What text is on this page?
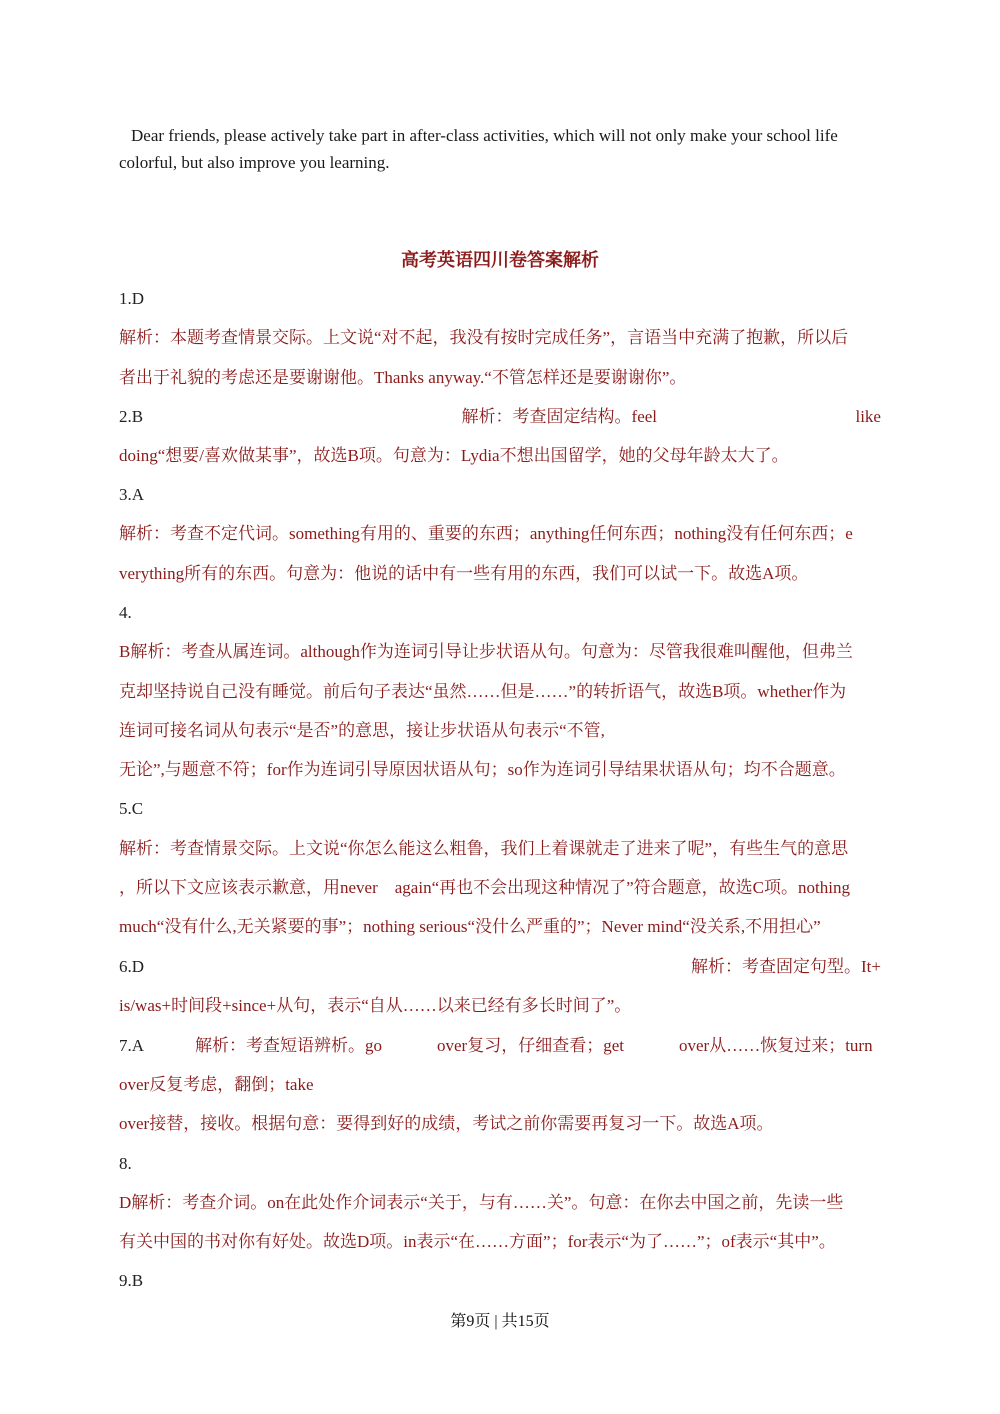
Dear friends, please actively take part in after-class activities, which will not only make your school life colorful, but also improve you learning.
高考英语四川卷答案解析
1.D
解析：本题考查情景交际。上文说“对不起，我没有按时完成任务”，言语当中充满了抱歉，所以后
者出于礼貌的考虑还是要谢谢他。Thanks anyway.“不管怎样还是要谢谢你”。
2.B	解析：考查固定结构。feel	like
doing“想要/喜欢做某事”，故选B项。句意为：Lydia不想出国留学，她的父母年龄太大了。
3.A
解析：考查不定代词。something有用的、重要的东西；anything任何东西；nothing没有任何东西；e
verything所有的东西。句意为：他说的话中有一些有用的东西，我们可以试一下。故选A项。
4.
B解析：考查从属连词。although作为连词引导让步状语从句。句意为：尽管我很难叫醒他，但弗兰
克却坚持说自己没有睡觉。前后句子表达“虽然……但是……”的转折语气，故选B项。whether作为
连词可接名词从句表示“是否”的意思，接让步状语从句表示“不管,
无论”,与题意不符；for作为连词引导原因状语从句；so作为连词引导结果状语从句；均不合题意。
5.C
解析：考查情景交际。上文说“你怎么能这么粗鲁，我们上着课就走了进来了呢”，有些生气的意思
，所以下文应该表示歉意，用never　again“再也不会出现这种情况了”符合题意，故选C项。nothing
much“没有什么,无关紧要的事”；nothing serious“没什么严重的”；Never mind“没关系,不用担心”
6.D	解析：考查固定句型。It+
is/was+时间段+since+从句，表示“自从……以来已经有多长时间了”。
7.A	解析：考查短语辨析。go	over复习，仔细查看；get	over从……恢复过来；turn
over反复考虑，翻倒；take
over接替，接收。根据句意：要得到好的成绩，考试之前你需要再复习一下。故选A项。
8.
D解析：考查介词。on在此处作介词表示“关于，与有……关”。句意：在你去中国之前，先读一些
有关中国的书对你有好处。故选D项。in表示“在……方面”；for表示“为了……”；of表示“其中”。
9.B
第9页 | 共15页
